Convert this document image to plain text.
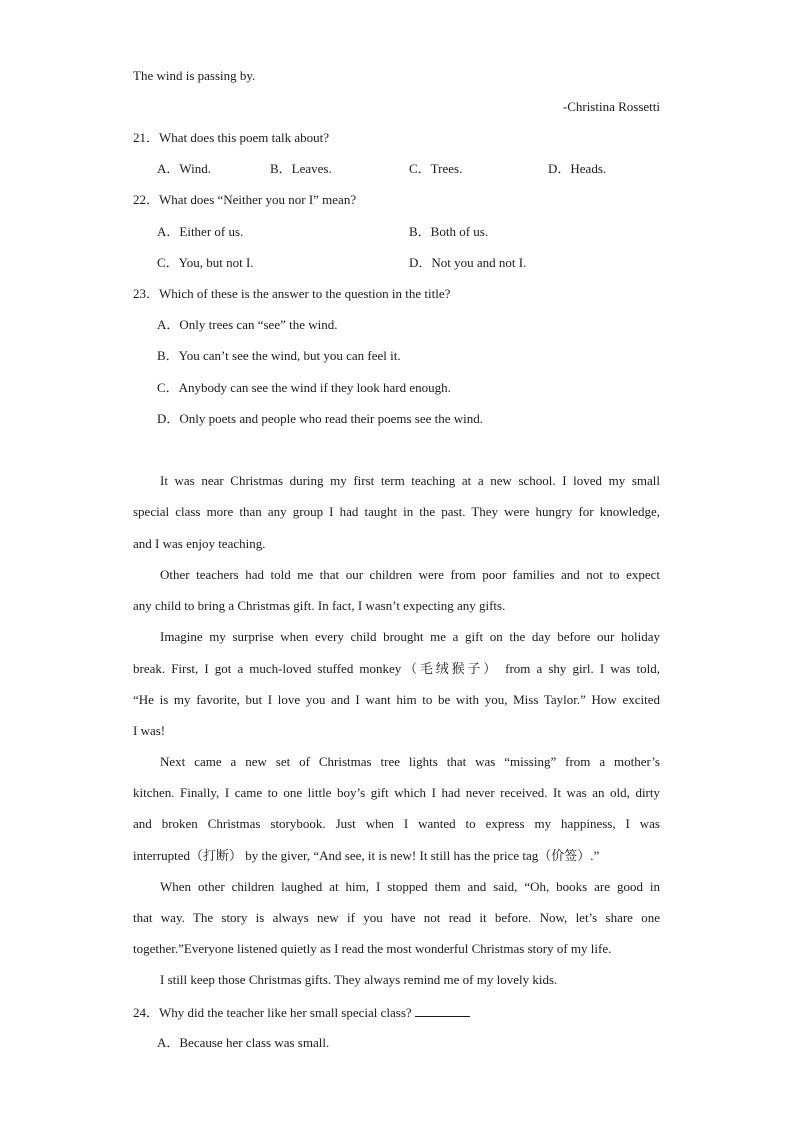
The wind is passing by.
-Christina Rossetti
21．What does this poem talk about?
A．Wind.	B．Leaves.	C．Trees.	D．Heads.
22．What does “Neither you nor I” mean?
A．Either of us.	B．Both of us.
C．You, but not I.	D．Not you and not I.
23．Which of these is the answer to the question in the title?
A．Only trees can “see” the wind.
B．You can’t see the wind, but you can feel it.
C．Anybody can see the wind if they look hard enough.
D．Only poets and people who read their poems see the wind.
It was near Christmas during my first term teaching at a new school. I loved my small
special class more than any group I had taught in the past. They were hungry for knowledge,
and I was enjoy teaching.
Other teachers had told me that our children were from poor families and not to expect
any child to bring a Christmas gift. In fact, I wasn’t expecting any gifts.
Imagine my surprise when every child brought me a gift on the day before our holiday
break. First, I got a much-loved stuffed monkey（毛绒猴子） from a shy girl. I was told,
“He is my favorite, but I love you and I want him to be with you, Miss Taylor.” How excited
I was!
Next came a new set of Christmas tree lights that was “missing” from a mother’s
kitchen. Finally, I came to one little boy’s gift which I had never received. It was an old, dirty
and broken Christmas storybook. Just when I wanted to express my happiness, I was
interrupted（打断） by the giver, “And see, it is new! It still has the price tag（价签）.”
When other children laughed at him, I stopped them and said, “Oh, books are good in
that way. The story is always new if you have not read it before. Now, let’s share one
together.”Everyone listened quietly as I read the most wonderful Christmas story of my life.
I still keep those Christmas gifts. They always remind me of my lovely kids.
24．Why did the teacher like her small special class?
A．Because her class was small.
